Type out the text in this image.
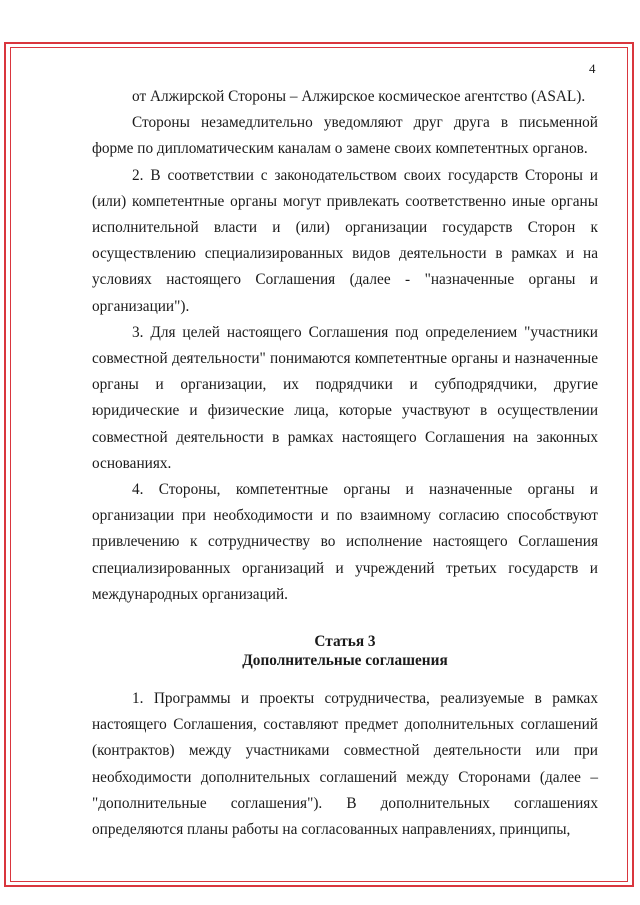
4

от Алжирской Стороны – Алжирское космическое агентство (ASAL).

Стороны незамедлительно уведомляют друг друга в письменной форме по дипломатическим каналам о замене своих компетентных органов.

2. В соответствии с законодательством своих государств Стороны и (или) компетентные органы могут привлекать соответственно иные органы исполнительной власти и (или) организации государств Сторон к осуществлению специализированных видов деятельности в рамках и на условиях настоящего Соглашения (далее - "назначенные органы и организации").

3. Для целей настоящего Соглашения под определением "участники совместной деятельности" понимаются компетентные органы и назначенные органы и организации, их подрядчики и субподрядчики, другие юридические и физические лица, которые участвуют в осуществлении совместной деятельности в рамках настоящего Соглашения на законных основаниях.

4. Стороны, компетентные органы и назначенные органы и организации при необходимости и по взаимному согласию способствуют привлечению к сотрудничеству во исполнение настоящего Соглашения специализированных организаций и учреждений третьих государств и международных организаций.

Статья 3
Дополнительные соглашения

1. Программы и проекты сотрудничества, реализуемые в рамках настоящего Соглашения, составляют предмет дополнительных соглашений (контрактов) между участниками совместной деятельности или при необходимости дополнительных соглашений между Сторонами (далее – "дополнительные соглашения"). В дополнительных соглашениях определяются планы работы на согласованных направлениях, принципы,
